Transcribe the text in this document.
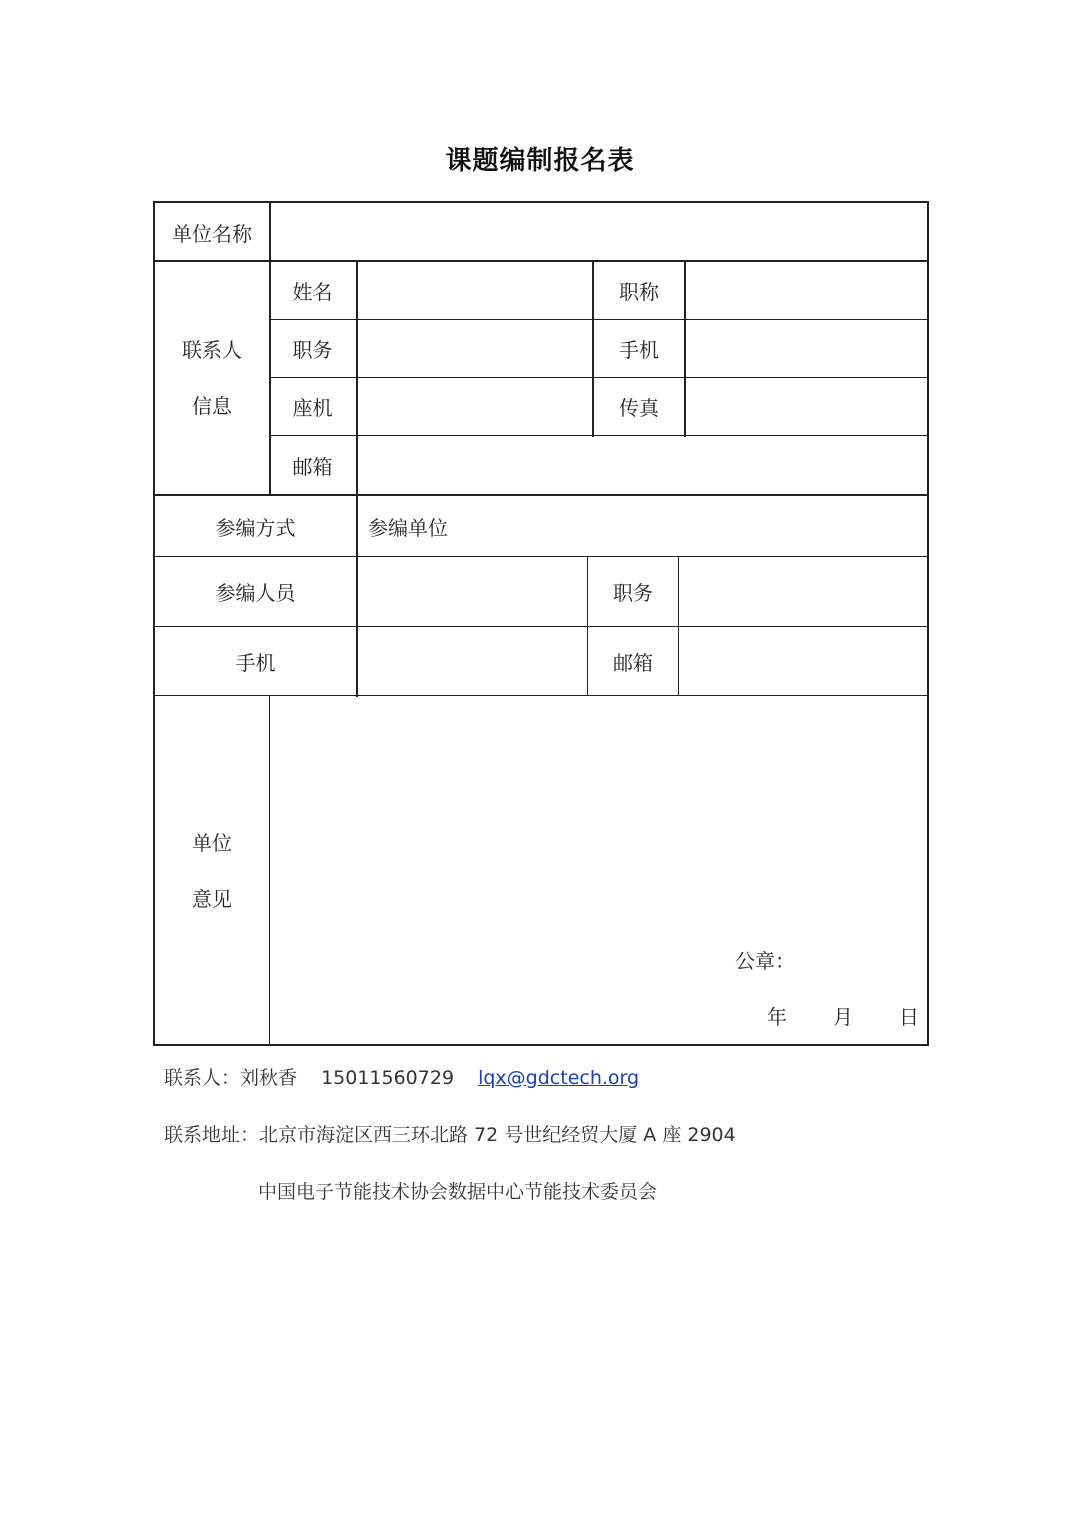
课题编制报名表
单位名称
联系人
信息
姓名	职称
职务	手机
座机	传真
邮箱
参编方式	参编单位
参编人员	职务
手机	邮箱
单位
意见
公章：
年 月 日
联系人：刘秋香 15011560729 lqx@gdctech.org
联系地址：北京市海淀区西三环北路 72 号世纪经贸大厦 A 座 2904
中国电子节能技术协会数据中心节能技术委员会
